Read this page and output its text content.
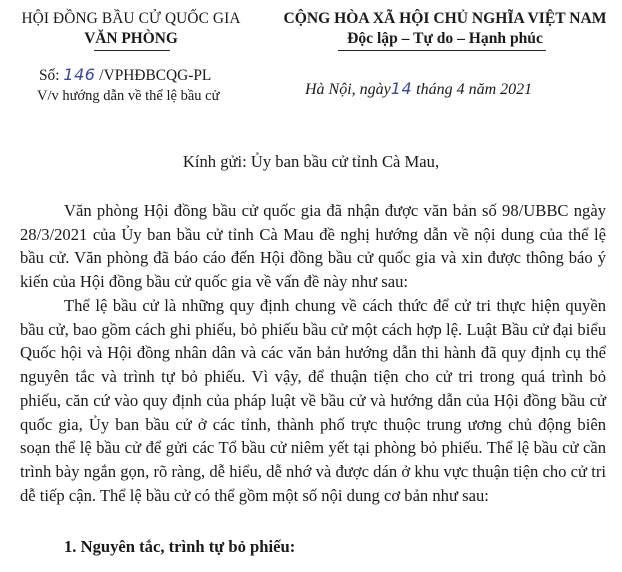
HỘI ĐỒNG BẦU CỬ QUỐC GIA
VĂN PHÒNG
CỘNG HÒA XÃ HỘI CHỦ NGHĨA VIỆT NAM
Độc lập – Tự do – Hạnh phúc
Số: 146 /VPHĐBCQG-PL
V/v hướng dẫn về thể lệ bầu cử	Hà Nội, ngày14 tháng 4 năm 2021
Kính gửi: Ủy ban bầu cử tỉnh Cà Mau,
Văn phòng Hội đồng bầu cử quốc gia đã nhận được văn bản số 98/UBBC ngày 28/3/2021 của Ủy ban bầu cử tỉnh Cà Mau đề nghị hướng dẫn về nội dung của thể lệ bầu cử. Văn phòng đã báo cáo đến Hội đồng bầu cử quốc gia và xin được thông báo ý kiến của Hội đồng bầu cử quốc gia về vấn đề này như sau:
Thể lệ bầu cử là những quy định chung về cách thức để cử tri thực hiện quyền bầu cử, bao gồm cách ghi phiếu, bỏ phiếu bầu cử một cách hợp lệ. Luật Bầu cử đại biểu Quốc hội và Hội đồng nhân dân và các văn bản hướng dẫn thi hành đã quy định cụ thể nguyên tắc và trình tự bỏ phiếu. Vì vậy, để thuận tiện cho cử tri trong quá trình bỏ phiếu, căn cứ vào quy định của pháp luật về bầu cử và hướng dẫn của Hội đồng bầu cử quốc gia, Ủy ban bầu cử ở các tỉnh, thành phố trực thuộc trung ương chủ động biên soạn thể lệ bầu cử để gửi các Tổ bầu cử niêm yết tại phòng bỏ phiếu. Thể lệ bầu cử cần trình bày ngắn gọn, rõ ràng, dễ hiểu, dễ nhớ và được dán ở khu vực thuận tiện cho cử tri dễ tiếp cận. Thể lệ bầu cử có thể gồm một số nội dung cơ bản như sau:
1. Nguyên tắc, trình tự bỏ phiếu:
